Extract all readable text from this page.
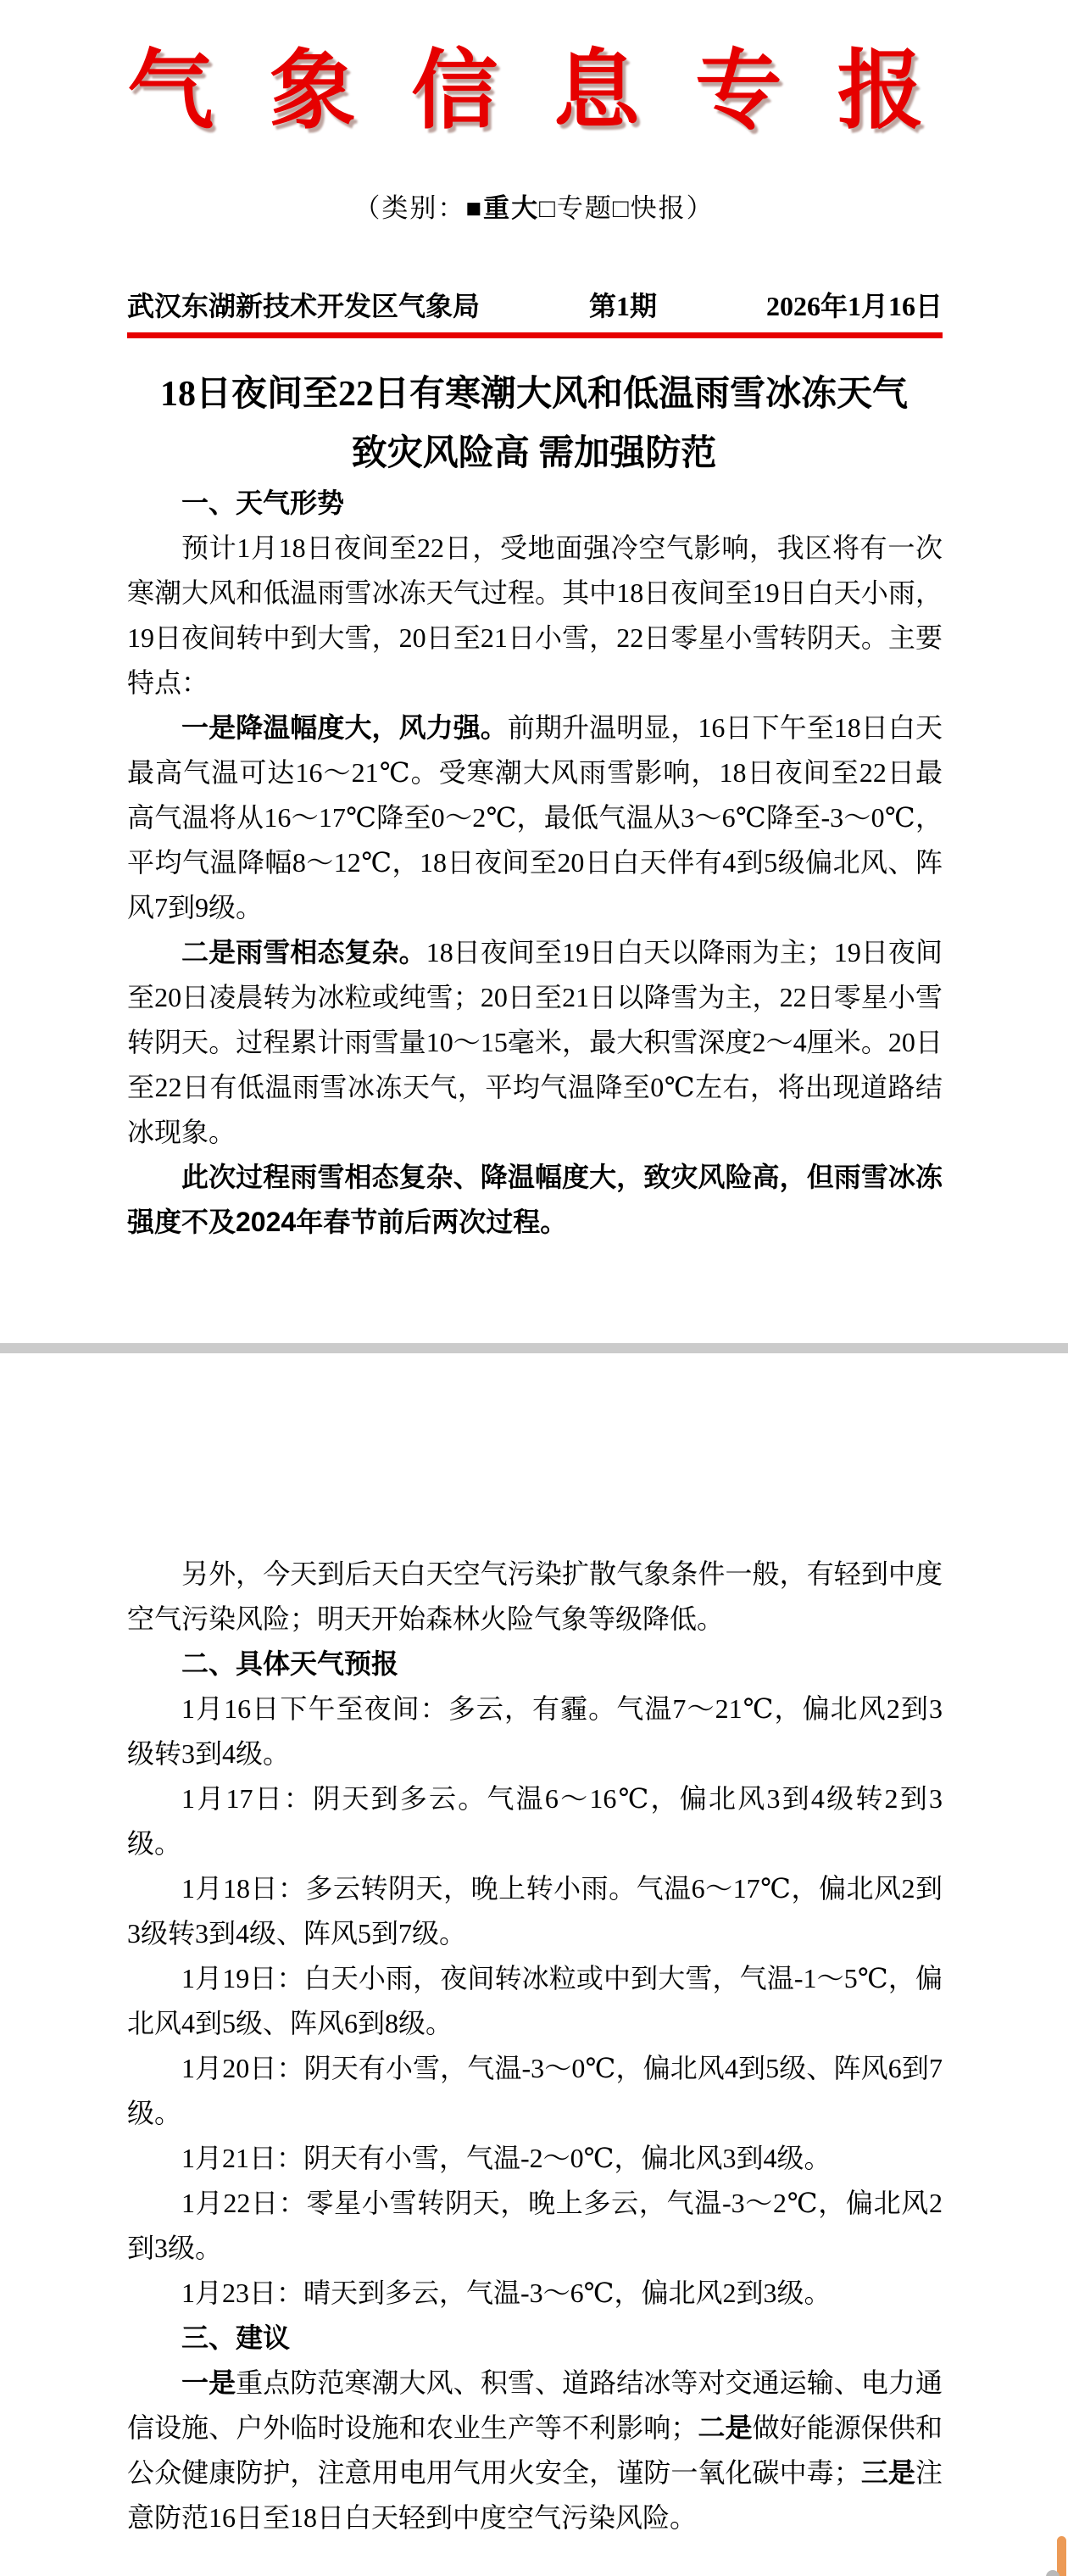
气 象 信 息 专 报
（类别：■重大□专题□快报）
武汉东湖新技术开发区气象局	第1期	2026年1月16日
18日夜间至22日有寒潮大风和低温雨雪冰冻天气
致灾风险高 需加强防范

一、天气形势

预计1月18日夜间至22日，受地面强冷空气影响，我区将有一次寒潮大风和低温雨雪冰冻天气过程。其中18日夜间至19日白天小雨，19日夜间转中到大雪，20日至21日小雪，22日零星小雪转阴天。主要特点：

一是降温幅度大，风力强。前期升温明显，16日下午至18日白天最高气温可达16～21℃。受寒潮大风雨雪影响，18日夜间至22日最高气温将从16～17℃降至0～2℃，最低气温从3～6℃降至-3～0℃，平均气温降幅8～12℃，18日夜间至20日白天伴有4到5级偏北风、阵风7到9级。

二是雨雪相态复杂。18日夜间至19日白天以降雨为主；19日夜间至20日凌晨转为冰粒或纯雪；20日至21日以降雪为主，22日零星小雪转阴天。过程累计雨雪量10～15毫米，最大积雪深度2～4厘米。20日至22日有低温雨雪冰冻天气，平均气温降至0℃左右，将出现道路结冰现象。

此次过程雨雪相态复杂、降温幅度大，致灾风险高，但雨雪冰冻强度不及2024年春节前后两次过程。

另外，今天到后天白天空气污染扩散气象条件一般，有轻到中度空气污染风险；明天开始森林火险气象等级降低。

二、具体天气预报

1月16日下午至夜间：多云，有霾。气温7～21℃，偏北风2到3级转3到4级。

1月17日：阴天到多云。气温6～16℃，偏北风3到4级转2到3级。

1月18日：多云转阴天，晚上转小雨。气温6～17℃，偏北风2到3级转3到4级、阵风5到7级。

1月19日：白天小雨，夜间转冰粒或中到大雪，气温-1～5℃，偏北风4到5级、阵风6到8级。

1月20日：阴天有小雪，气温-3～0℃，偏北风4到5级、阵风6到7级。

1月21日：阴天有小雪，气温-2～0℃，偏北风3到4级。

1月22日：零星小雪转阴天，晚上多云，气温-3～2℃，偏北风2到3级。

1月23日：晴天到多云，气温-3～6℃，偏北风2到3级。

三、建议

一是重点防范寒潮大风、积雪、道路结冰等对交通运输、电力通信设施、户外临时设施和农业生产等不利影响；二是做好能源保供和公众健康防护，注意用电用气用火安全，谨防一氧化碳中毒；三是注意防范16日至18日白天轻到中度空气污染风险。
